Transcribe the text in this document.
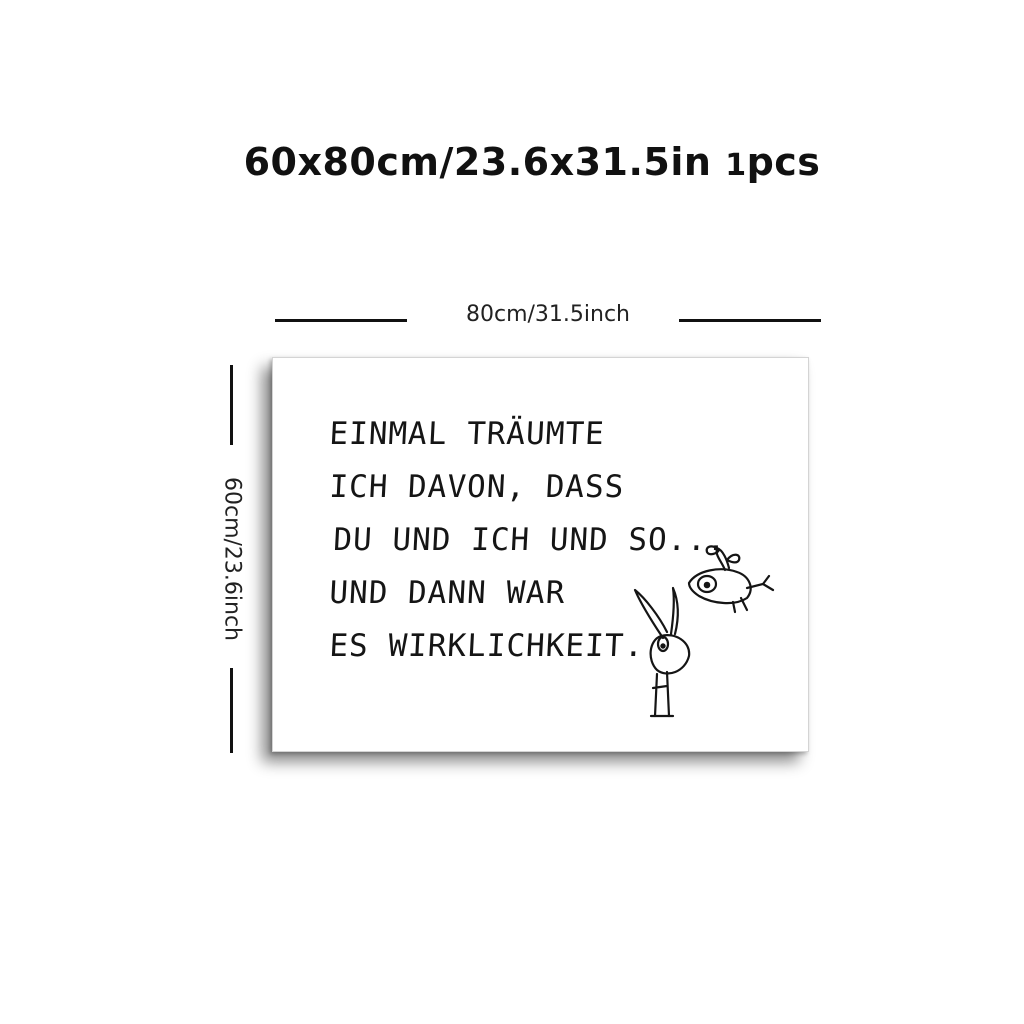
60x80cm/23.6x31.5in 1pcs
80cm/31.5inch
60cm/23.6inch
EINMAL TRÄUMTE
ICH DAVON, DASS
DU UND ICH UND SO...
UND DANN WAR
ES WIRKLICHKEIT.
